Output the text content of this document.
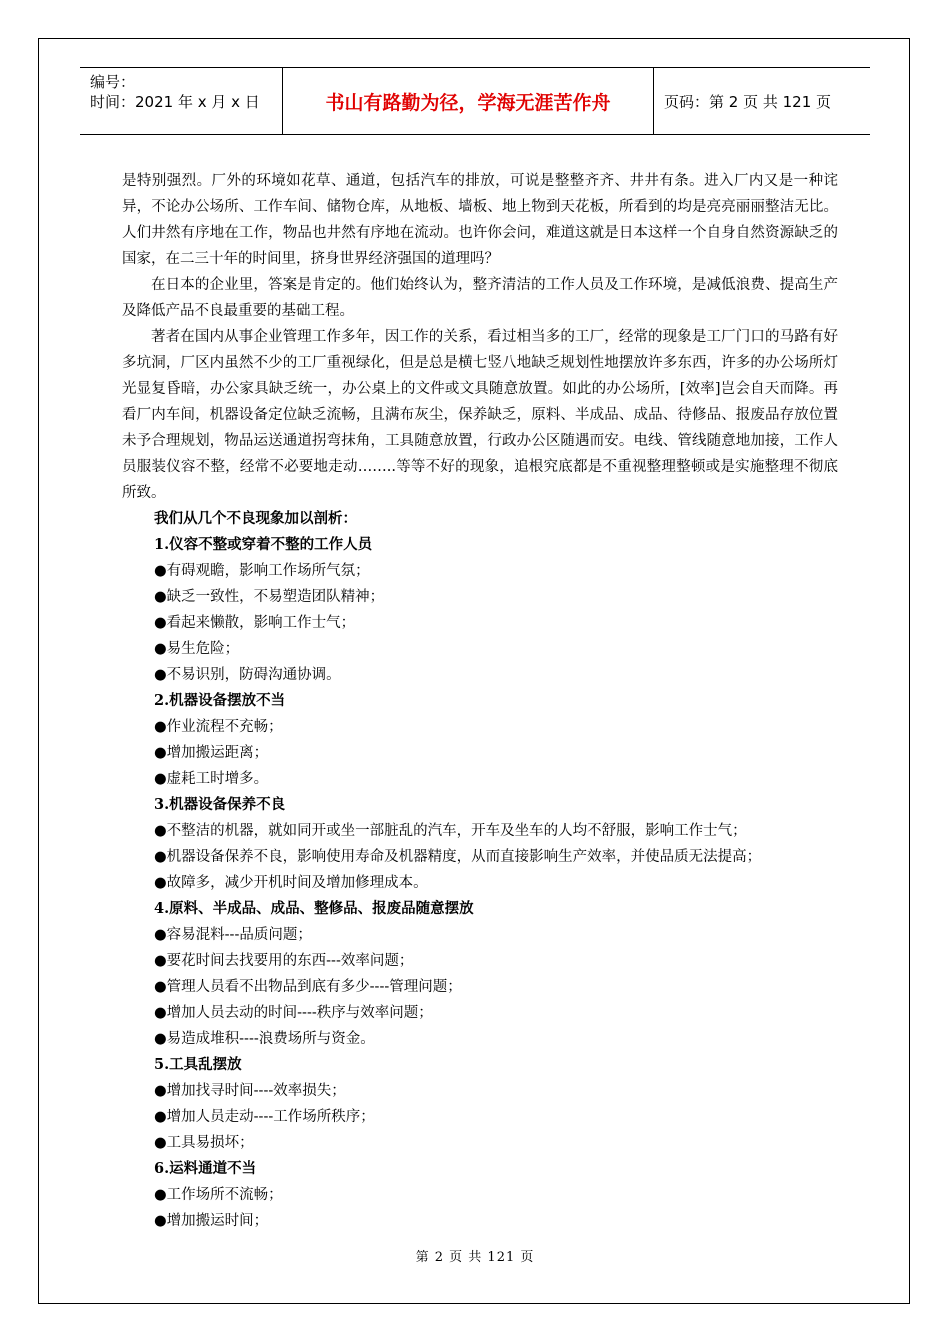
编号：
时间：2021 年 x 月 x 日	书山有路勤为径，学海无涯苦作舟	页码：第 2 页 共 121 页

是特别强烈。厂外的环境如花草、通道，包括汽车的排放，可说是整整齐齐、井井有条。进入厂内又是一种诧异，不论办公场所、工作车间、储物仓库，从地板、墙板、地上物到天花板，所看到的均是亮亮丽丽整洁无比。人们井然有序地在工作，物品也井然有序地在流动。也许你会问，难道这就是日本这样一个自身自然资源缺乏的国家，在二三十年的时间里，挤身世界经济强国的道理吗？

在日本的企业里，答案是肯定的。他们始终认为，整齐清洁的工作人员及工作环境，是减低浪费、提高生产及降低产品不良最重要的基础工程。

著者在国内从事企业管理工作多年，因工作的关系，看过相当多的工厂，经常的现象是工厂门口的马路有好多坑洞，厂区内虽然不少的工厂重视绿化，但是总是横七竖八地缺乏规划性地摆放许多东西，许多的办公场所灯光显复昏暗，办公家具缺乏统一，办公桌上的文件或文具随意放置。如此的办公场所，[效率]岂会自天而降。再看厂内车间，机器设备定位缺乏流畅，且满布灰尘，保养缺乏，原料、半成品、成品、待修品、报废品存放位置未予合理规划，物品运送通道拐弯抹角，工具随意放置，行政办公区随遇而安。电线、管线随意地加接，工作人员服装仪容不整，经常不必要地走动……..等等不好的现象，追根究底都是不重视整理整顿或是实施整理不彻底所致。

我们从几个不良现象加以剖析：

1.仪容不整或穿着不整的工作人员

●有碍观瞻，影响工作场所气氛；

●缺乏一致性，不易塑造团队精神；

●看起来懒散，影响工作士气；

●易生危险；

●不易识别，防碍沟通协调。

2.机器设备摆放不当

●作业流程不充畅；

●增加搬运距离；

●虚耗工时增多。

3.机器设备保养不良

●不整洁的机器，就如同开或坐一部脏乱的汽车，开车及坐车的人均不舒服，影响工作士气；

●机器设备保养不良，影响使用寿命及机器精度，从而直接影响生产效率，并使品质无法提高；

●故障多，减少开机时间及增加修理成本。

4.原料、半成品、成品、整修品、报废品随意摆放

●容易混料---品质问题；

●要花时间去找要用的东西---效率问题；

●管理人员看不出物品到底有多少----管理问题；

●增加人员去动的时间----秩序与效率问题；

●易造成堆积----浪费场所与资金。

5.工具乱摆放

●增加找寻时间----效率损失；

●增加人员走动----工作场所秩序；

●工具易损坏；

6.运料通道不当

●工作场所不流畅；

●增加搬运时间；

第 2 页 共 121 页
